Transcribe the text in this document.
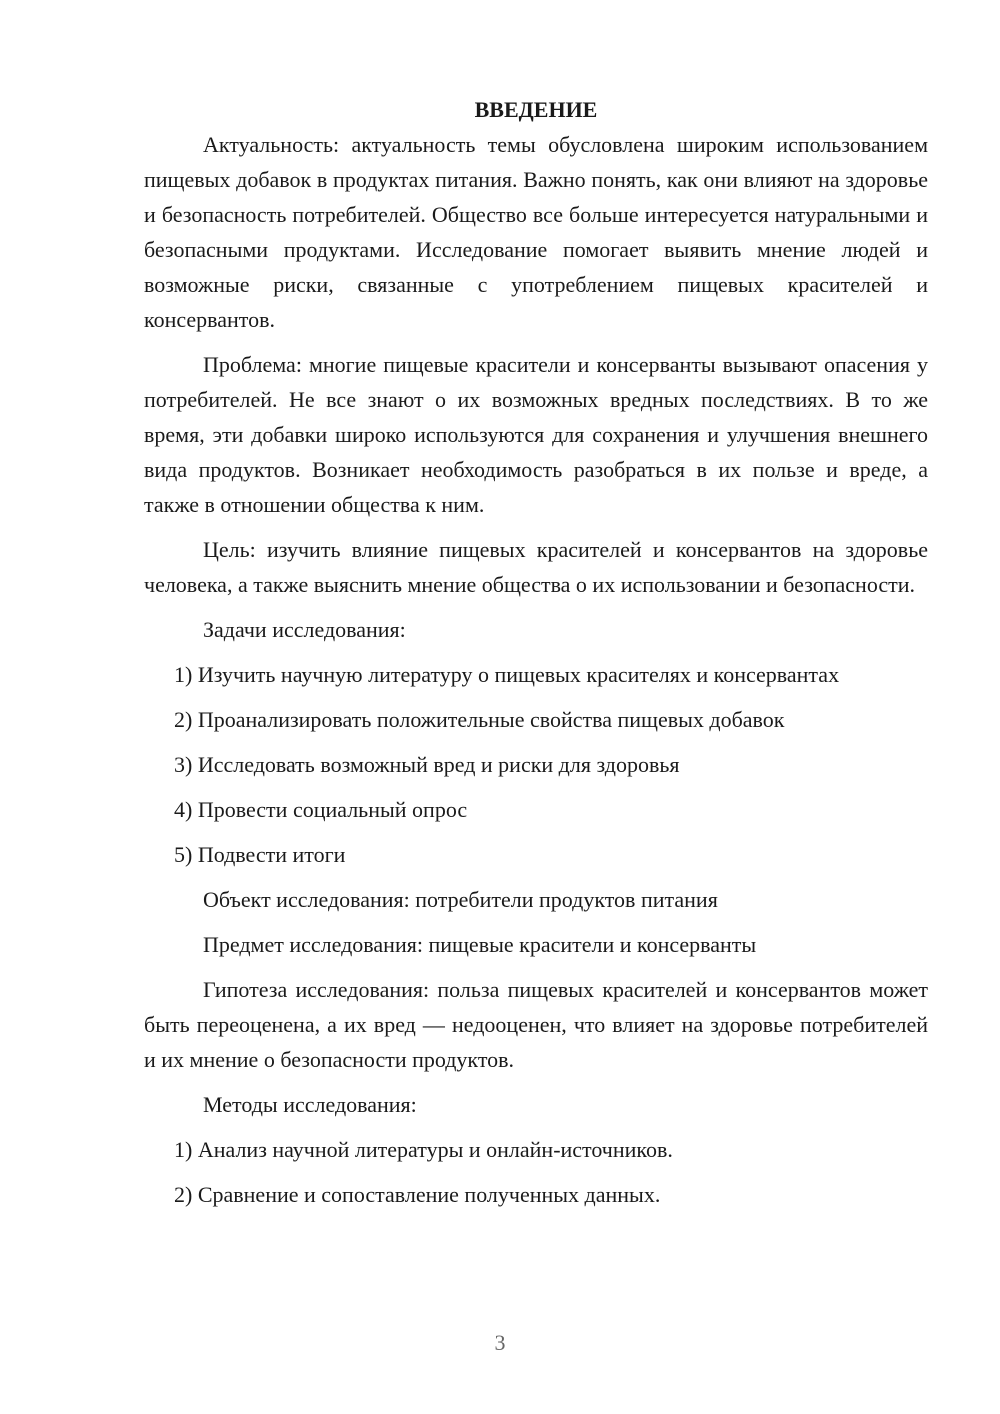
ВВЕДЕНИЕ

Актуальность: актуальность темы обусловлена широким использованием пищевых добавок в продуктах питания. Важно понять, как они влияют на здоровье и безопасность потребителей. Общество все больше интересуется натуральными и безопасными продуктами. Исследование помогает выявить мнение людей и возможные риски, связанные с употреблением пищевых красителей и консервантов.

Проблема: многие пищевые красители и консерванты вызывают опасения у потребителей. Не все знают о их возможных вредных последствиях. В то же время, эти добавки широко используются для сохранения и улучшения внешнего вида продуктов. Возникает необходимость разобраться в их пользе и вреде, а также в отношении общества к ним.

Цель: изучить влияние пищевых красителей и консервантов на здоровье человека, а также выяснить мнение общества о их использовании и безопасности.

Задачи исследования:

1) Изучить научную литературу о пищевых красителях и консервантах

2) Проанализировать положительные свойства пищевых добавок

3) Исследовать возможный вред и риски для здоровья

4) Провести социальный опрос

5) Подвести итоги

Объект исследования: потребители продуктов питания

Предмет исследования: пищевые красители и консерванты

Гипотеза исследования: польза пищевых красителей и консервантов может быть переоценена, а их вред — недооценен, что влияет на здоровье потребителей и их мнение о безопасности продуктов.

Методы исследования:

1) Анализ научной литературы и онлайн-источников.

2) Сравнение и сопоставление полученных данных.

3
